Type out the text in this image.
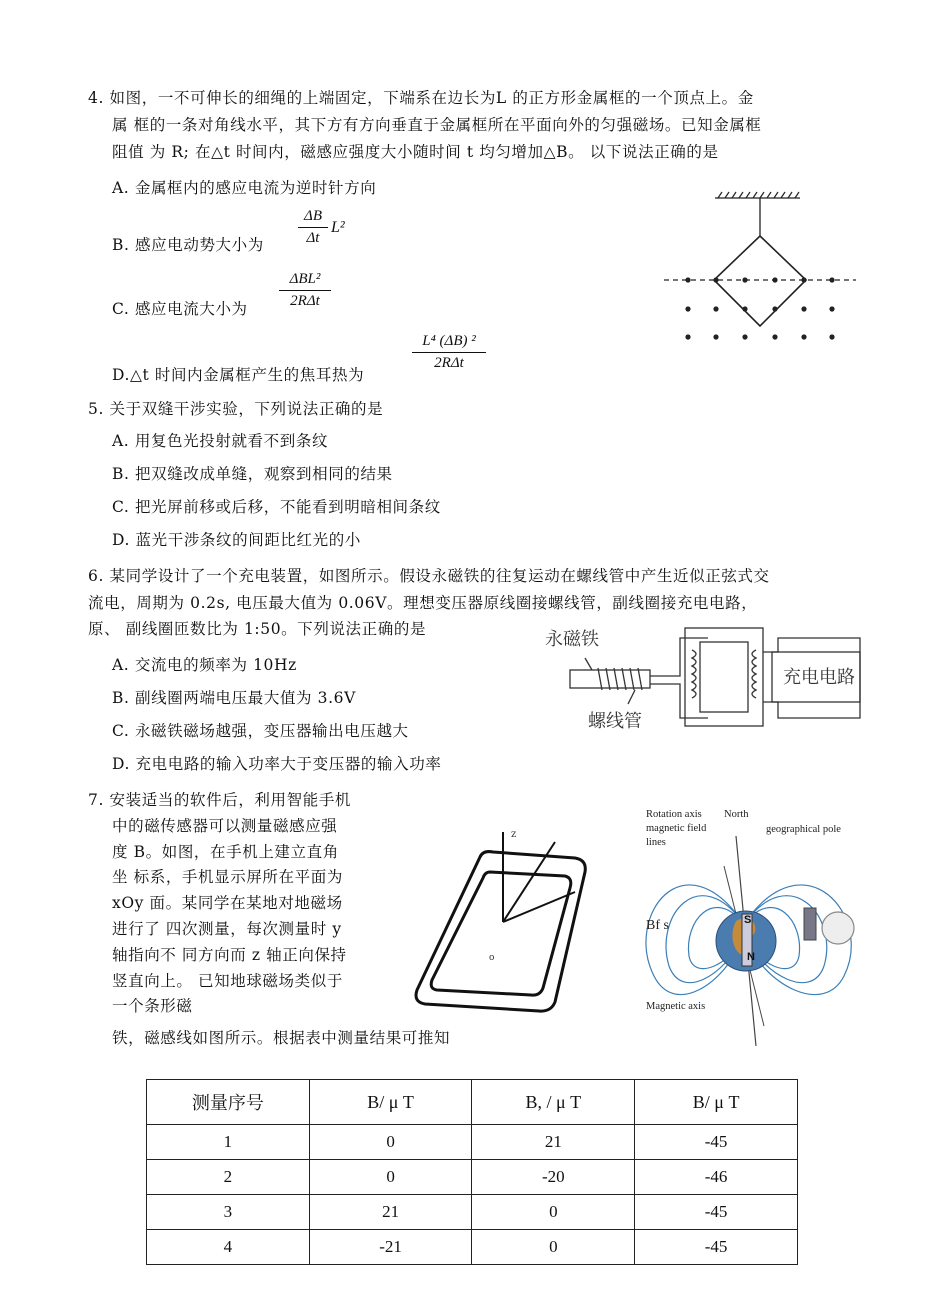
4. 如图，一不可伸长的细绳的上端固定，下端系在边长为L 的正方形金属框的一个顶点上。金
属 框的一条对角线水平，其下方有方向垂直于金属框所在平面向外的匀强磁场。已知金属框
阻值 为 R; 在△t 时间内，磁感应强度大小随时间 t 均匀增加△B。 以下说法正确的是
A. 金属框内的感应电流为逆时针方向
B. 感应电动势大小为
ΔB
Δt
L²
C. 感应电流大小为
ΔBL²
2RΔt
D.△t 时间内金属框产生的焦耳热为
L⁴ (ΔB) ²
2RΔt
5. 关于双缝干涉实验，下列说法正确的是
A. 用复色光投射就看不到条纹
B. 把双缝改成单缝，观察到相同的结果
C. 把光屏前移或后移，不能看到明暗相间条纹
D. 蓝光干涉条纹的间距比红光的小
6. 某同学设计了一个充电装置，如图所示。假设永磁铁的往复运动在螺线管中产生近似正弦式交
流电，周期为 0.2s, 电压最大值为 0.06V。理想变压器原线圈接螺线管，副线圈接充电电路，
原、 副线圈匝数比为 1:50。下列说法正确的是
A. 交流电的频率为 10Hz
B. 副线圈两端电压最大值为 3.6V
C. 永磁铁磁场越强，变压器输出电压越大
D. 充电电路的输入功率大于变压器的输入功率
永磁铁
充电电路
螺线管
7. 安装适当的软件后，利用智能手机
中的磁传感器可以测量磁感应强
度 B。如图，在手机上建立直角
坐 标系，手机显示屏所在平面为
xOy 面。某同学在某地对地磁场
进行了 四次测量，每次测量时 y
轴指向不 同方向而 z 轴正向保持
竖直向上。 已知地球磁场类似于
一个条形磁
铁，磁感线如图所示。根据表中测量结果可推知
z
o
Rotation axis North
magnetic field	geographical pole
lines
Bf s	S
N
Magnetic axis
测量序号	B/ μ T	B, / μ T	B/ μ T
1	0	21	-45
2	0	-20	-46
3	21	0	-45
4	-21	0	-45
